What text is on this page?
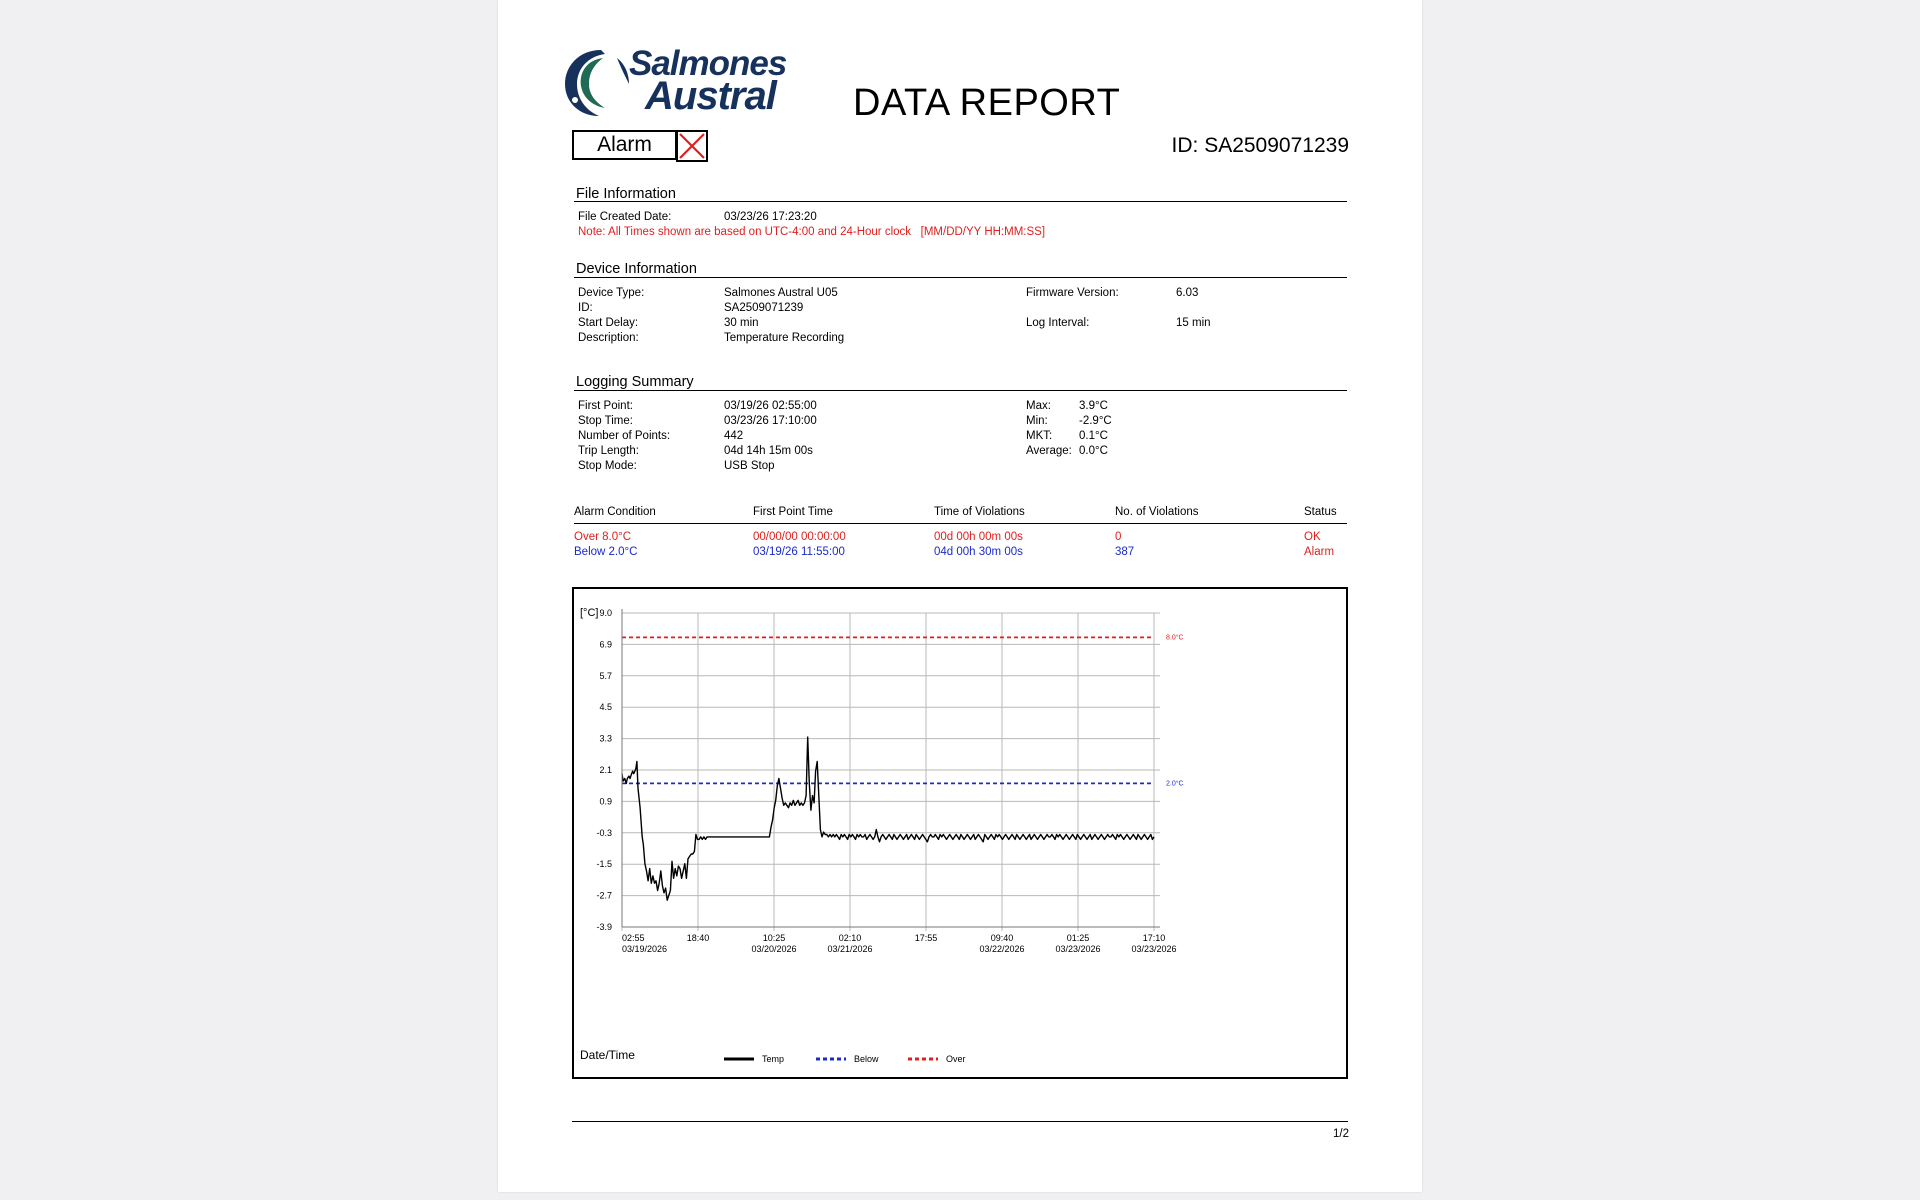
Salmones
Austral DATA REPORT
Alarm	ID: SA2509071239
File Information
File Created Date:	03/23/26 17:23:20
Note: All Times shown are based on UTC-4:00 and 24-Hour clock [MM/DD/YY HH:MM:SS]
Device Information
Device Type:	Salmones Austral U05
ID:	SA2509071239
Start Delay:	30 min
Description:	Temperature Recording
Firmware Version:	6.03
Log Interval:	15 min
Logging Summary
First Point:	03/19/26 02:55:00
Stop Time:	03/23/26 17:10:00
Number of Points:	442
Trip Length:	04d 14h 15m 00s
Stop Mode:	USB Stop
Max:	3.9°C
Min:	-2.9°C
MKT:	0.1°C
Average: 0.0°C
Alarm Condition	First Point Time	Time of Violations	No. of Violations	Status
Over 8.0°C	00/00/00 00:00:00	00d 00h 00m 00s	0	OK
Below 2.0°C	03/19/26 11:55:00	04d 00h 30m 00s	387	Alarm
8.0°C
2.0°C
9.0
6.9
5.7
4.5
3.3
2.1
0.9
-0.3
-1.5
-2.7
-3.9
02:55
03/19/2026
18:40	10:25
03/20/2026
02:10
03/21/2026
17:55	09:40
03/22/2026
01:25
03/23/2026
17:10
03/23/2026
[°C]
Date/Time	Temp	Below	Over
1/2
